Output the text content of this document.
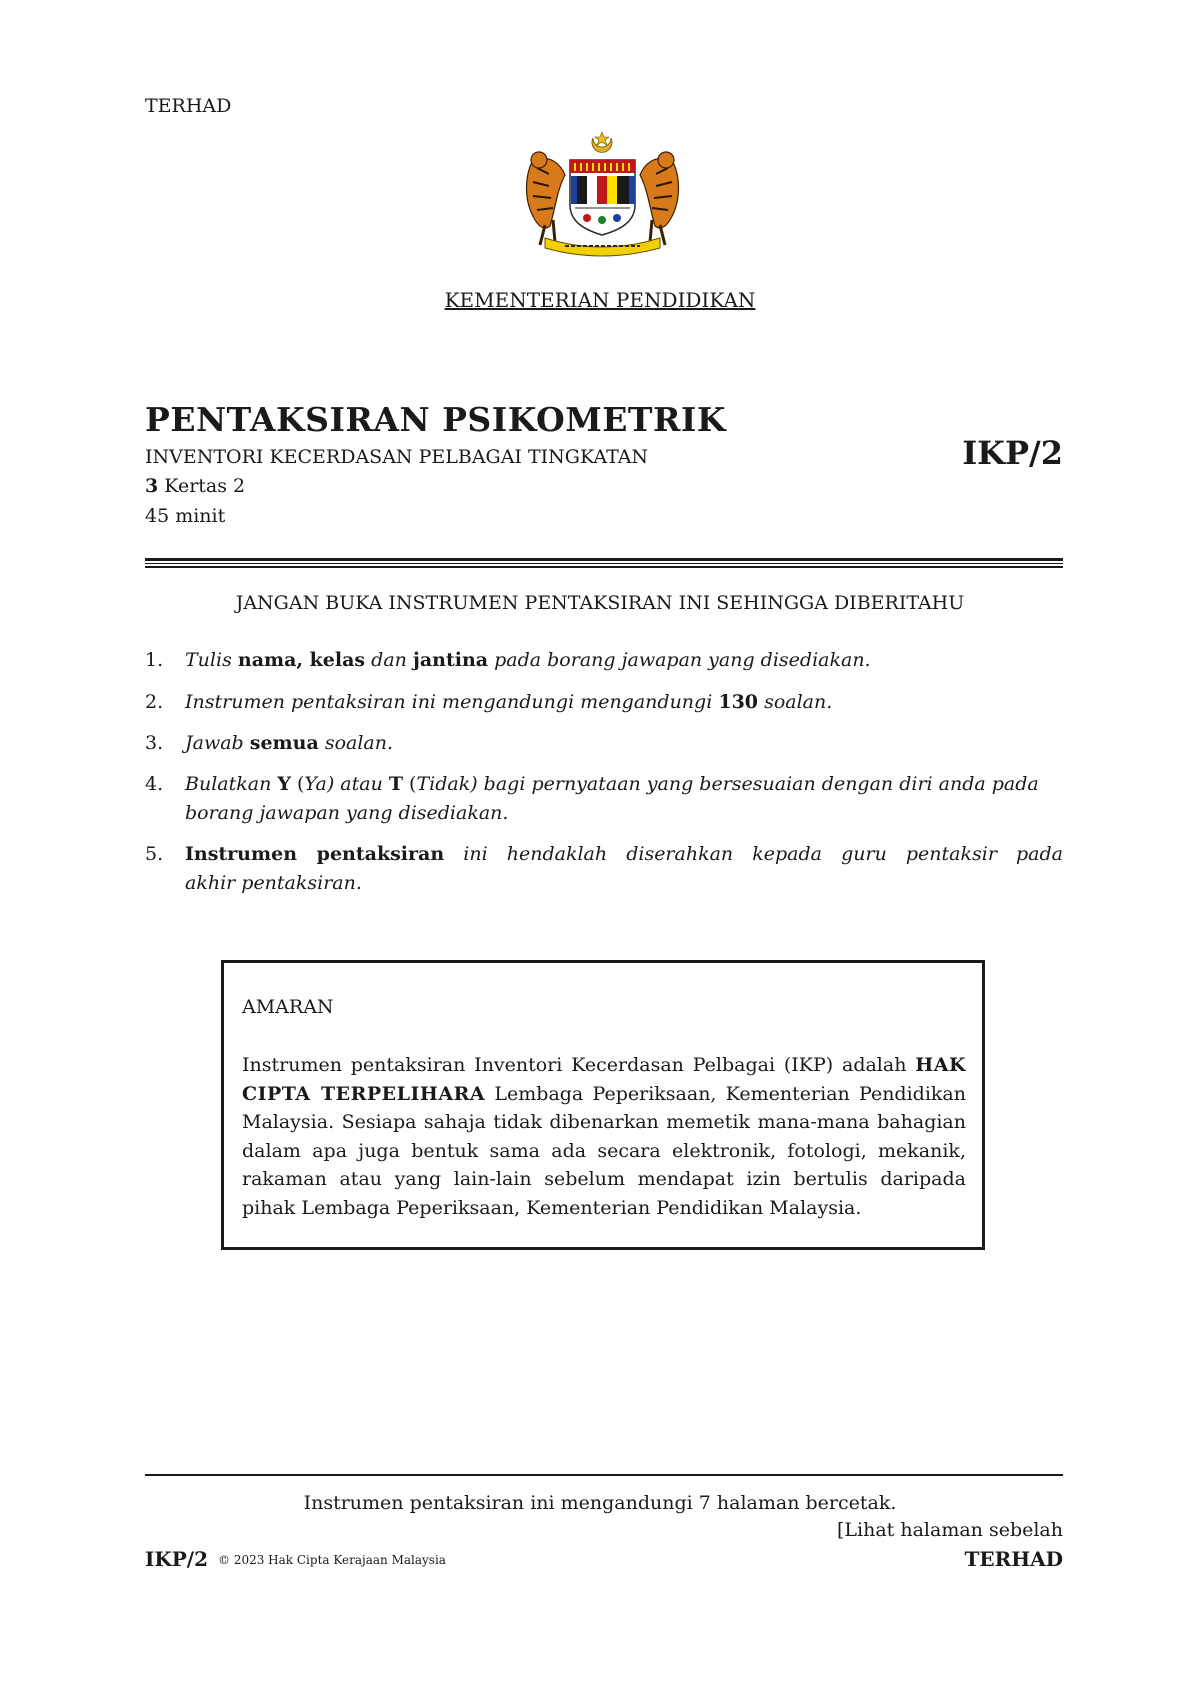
TERHAD
KEMENTERIAN PENDIDIKAN
PENTAKSIRAN PSIKOMETRIK
INVENTORI KECERDASAN PELBAGAI TINGKATAN	IKP/2
3 Kertas 2
45 minit
JANGAN BUKA INSTRUMEN PENTAKSIRAN INI SEHINGGA DIBERITAHU
1. Tulis nama, kelas dan jantina pada borang jawapan yang disediakan.
2. Instrumen pentaksiran ini mengandungi mengandungi 130 soalan.
3. Jawab semua soalan.
4. Bulatkan Y (Ya) atau T (Tidak) bagi pernyataan yang bersesuaian dengan diri anda pada borang jawapan yang disediakan.
5. Instrumen pentaksiran ini hendaklah diserahkan kepada guru pentaksir pada
akhir pentaksiran.
AMARAN
Instrumen pentaksiran Inventori Kecerdasan Pelbagai (IKP) adalah HAK CIPTA TERPELIHARA Lembaga Peperiksaan, Kementerian Pendidikan Malaysia. Sesiapa sahaja tidak dibenarkan memetik mana-mana bahagian dalam apa juga bentuk sama ada secara elektronik, fotologi, mekanik, rakaman atau yang lain-lain sebelum mendapat izin bertulis daripada pihak Lembaga Peperiksaan, Kementerian Pendidikan Malaysia.
Instrumen pentaksiran ini mengandungi 7 halaman bercetak.
[Lihat halaman sebelah
IKP/2 © 2023 Hak Cipta Kerajaan Malaysia	TERHAD
